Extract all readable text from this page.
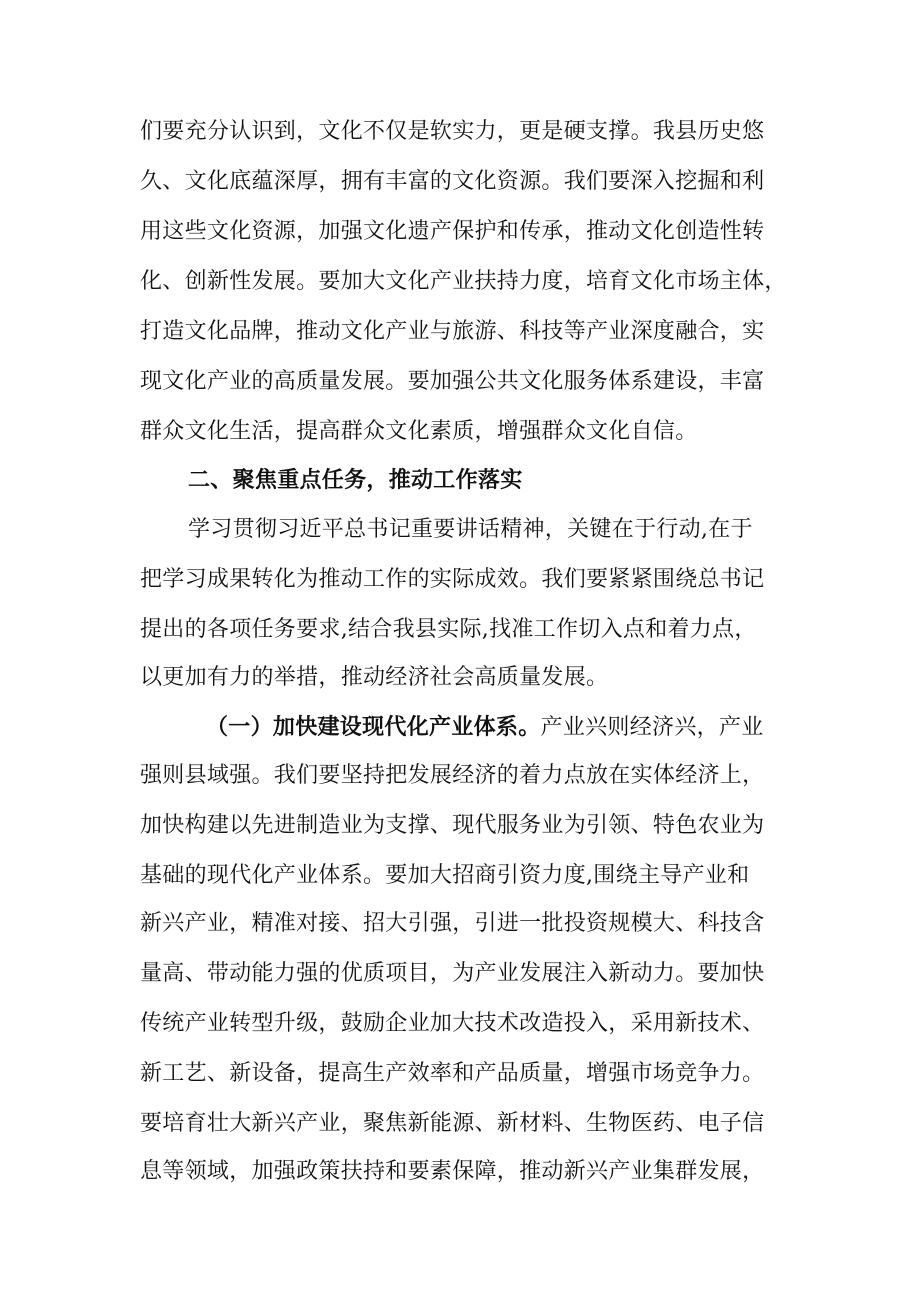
们要充分认识到，文化不仅是软实力，更是硬支撑。我县历史悠
久、文化底蕴深厚，拥有丰富的文化资源。我们要深入挖掘和利
用这些文化资源，加强文化遗产保护和传承，推动文化创造性转
化、创新性发展。要加大文化产业扶持力度，培育文化市场主体，
打造文化品牌，推动文化产业与旅游、科技等产业深度融合，实
现文化产业的高质量发展。要加强公共文化服务体系建设，丰富
群众文化生活，提高群众文化素质，增强群众文化自信。
二、聚焦重点任务，推动工作落实
学习贯彻习近平总书记重要讲话精神，关键在于行动,在于
把学习成果转化为推动工作的实际成效。我们要紧紧围绕总书记
提出的各项任务要求,结合我县实际,找准工作切入点和着力点，
以更加有力的举措，推动经济社会高质量发展。
（一）加快建设现代化产业体系。产业兴则经济兴，产业
强则县域强。我们要坚持把发展经济的着力点放在实体经济上，
加快构建以先进制造业为支撑、现代服务业为引领、特色农业为
基础的现代化产业体系。要加大招商引资力度,围绕主导产业和
新兴产业，精准对接、招大引强，引进一批投资规模大、科技含
量高、带动能力强的优质项目，为产业发展注入新动力。要加快
传统产业转型升级，鼓励企业加大技术改造投入，采用新技术、
新工艺、新设备，提高生产效率和产品质量，增强市场竞争力。
要培育壮大新兴产业，聚焦新能源、新材料、生物医药、电子信
息等领域，加强政策扶持和要素保障，推动新兴产业集群发展，
